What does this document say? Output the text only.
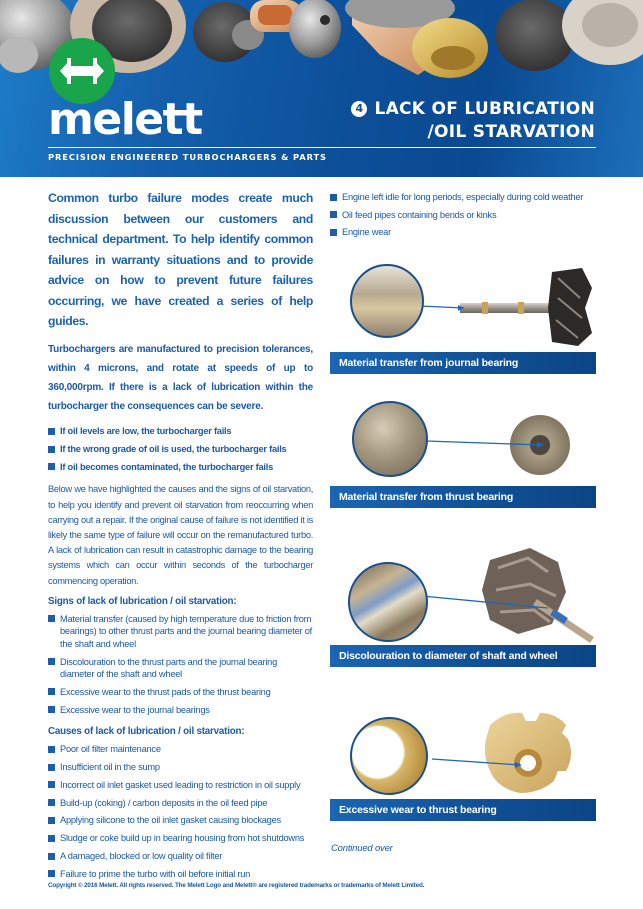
melett	4 LACK OF LUBRICATION
/OIL STARVATION
PRECISION ENGINEERED TURBOCHARGERS & PARTS

Common turbo failure modes create much discussion between our customers and technical department. To help identify common failures in warranty situations and to provide advice on how to prevent future failures occurring, we have created a series of help guides.

Turbochargers are manufactured to precision tolerances, within 4 microns, and rotate at speeds of up to 360,000rpm. If there is a lack of lubrication within the turbocharger the consequences can be severe.

If oil levels are low, the turbocharger fails
If the wrong grade of oil is used, the turbocharger fails
If oil becomes contaminated, the turbocharger fails

Below we have highlighted the causes and the signs of oil starvation, to help you identify and prevent oil starvation from reoccurring when carrying out a repair. If the original cause of failure is not identified it is likely the same type of failure will occur on the remanufactured turbo. A lack of lubrication can result in catastrophic damage to the bearing systems which can occur within seconds of the turbocharger commencing operation.

Signs of lack of lubrication / oil starvation:
Material transfer (caused by high temperature due to friction from bearings) to other thrust parts and the journal bearing diameter of the shaft and wheel
Discolouration to the thrust parts and the journal bearing diameter of the shaft and wheel
Excessive wear to the thrust pads of the thrust bearing
Excessive wear to the journal bearings
Causes of lack of lubrication / oil starvation:
Poor oil filter maintenance
Insufficient oil in the sump
Incorrect oil inlet gasket used leading to restriction in oil supply
Build-up (coking) / carbon deposits in the oil feed pipe
Applying silicone to the oil inlet gasket causing blockages
Sludge or coke build up in bearing housing from hot shutdowns
A damaged, blocked or low quality oil filter
Failure to prime the turbo with oil before initial run
Engine left idle for long periods, especially during cold weather
Oil feed pipes containing bends or kinks
Engine wear
Material transfer from journal bearing
Material transfer from thrust bearing
Discolouration to diameter of shaft and wheel
Excessive wear to thrust bearing
Continued over
Copyright © 2016 Melett. All rights reserved. The Melett Logo and Melett® are registered trademarks or trademarks of Melett Limited.
